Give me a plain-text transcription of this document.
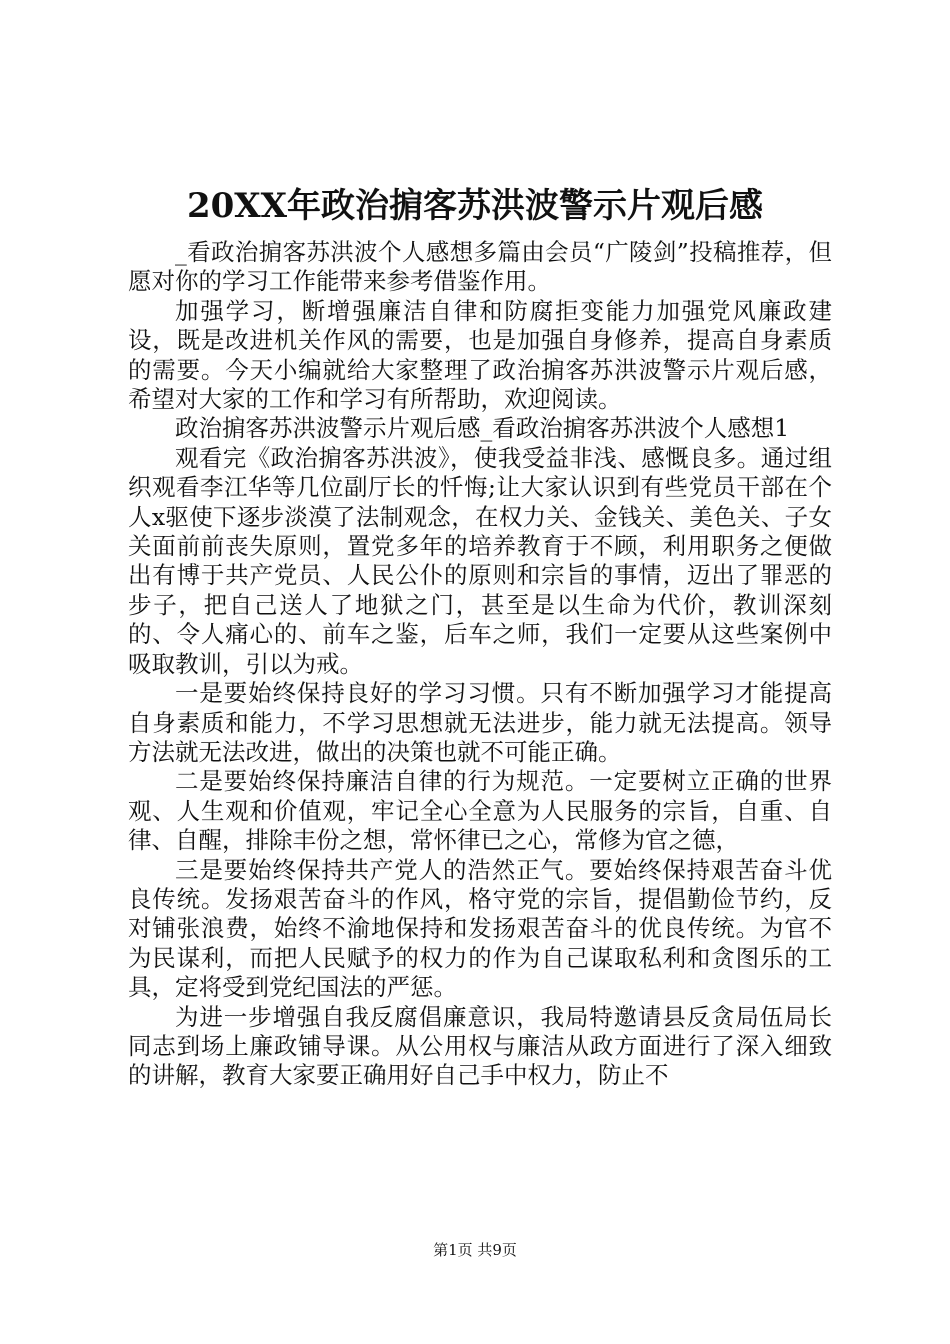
20XX年政治掮客苏洪波警示片观后感

_看政治掮客苏洪波个人感想多篇由会员“广陵剑”投稿推荐，但愿对你的学习工作能带来参考借鉴作用。

加强学习，断增强廉洁自律和防腐拒变能力加强党风廉政建设，既是改进机关作风的需要，也是加强自身修养，提高自身素质的需要。今天小编就给大家整理了政治掮客苏洪波警示片观后感，希望对大家的工作和学习有所帮助，欢迎阅读。

政治掮客苏洪波警示片观后感_看政治掮客苏洪波个人感想1

观看完《政治掮客苏洪波》，使我受益非浅、感慨良多。通过组织观看李江华等几位副厅长的忏悔;让大家认识到有些党员干部在个人x驱使下逐步淡漠了法制观念，在权力关、金钱关、美色关、子女关面前前丧失原则，置党多年的培养教育于不顾，利用职务之便做出有博于共产党员、人民公仆的原则和宗旨的事情，迈出了罪恶的步子，把自己送人了地狱之门，甚至是以生命为代价，教训深刻的、令人痛心的、前车之鉴，后车之师，我们一定要从这些案例中吸取教训，引以为戒。

一是要始终保持良好的学习习惯。只有不断加强学习才能提高自身素质和能力，不学习思想就无法进步，能力就无法提高。领导方法就无法改进，做出的决策也就不可能正确。

二是要始终保持廉洁自律的行为规范。一定要树立正确的世界观、人生观和价值观，牢记全心全意为人民服务的宗旨，自重、自律、自醒，排除丰份之想，常怀律已之心，常修为官之德，

三是要始终保持共产党人的浩然正气。要始终保持艰苦奋斗优良传统。发扬艰苦奋斗的作风，格守党的宗旨，提倡勤俭节约，反对铺张浪费，始终不渝地保持和发扬艰苦奋斗的优良传统。为官不为民谋利，而把人民赋予的权力的作为自己谋取私利和贪图乐的工具，定将受到党纪国法的严惩。

为进一步增强自我反腐倡廉意识，我局特邀请县反贪局伍局长同志到场上廉政铺导课。从公用权与廉洁从政方面进行了深入细致的讲解，教育大家要正确用好自己手中权力，防止不

第1页 共9页
